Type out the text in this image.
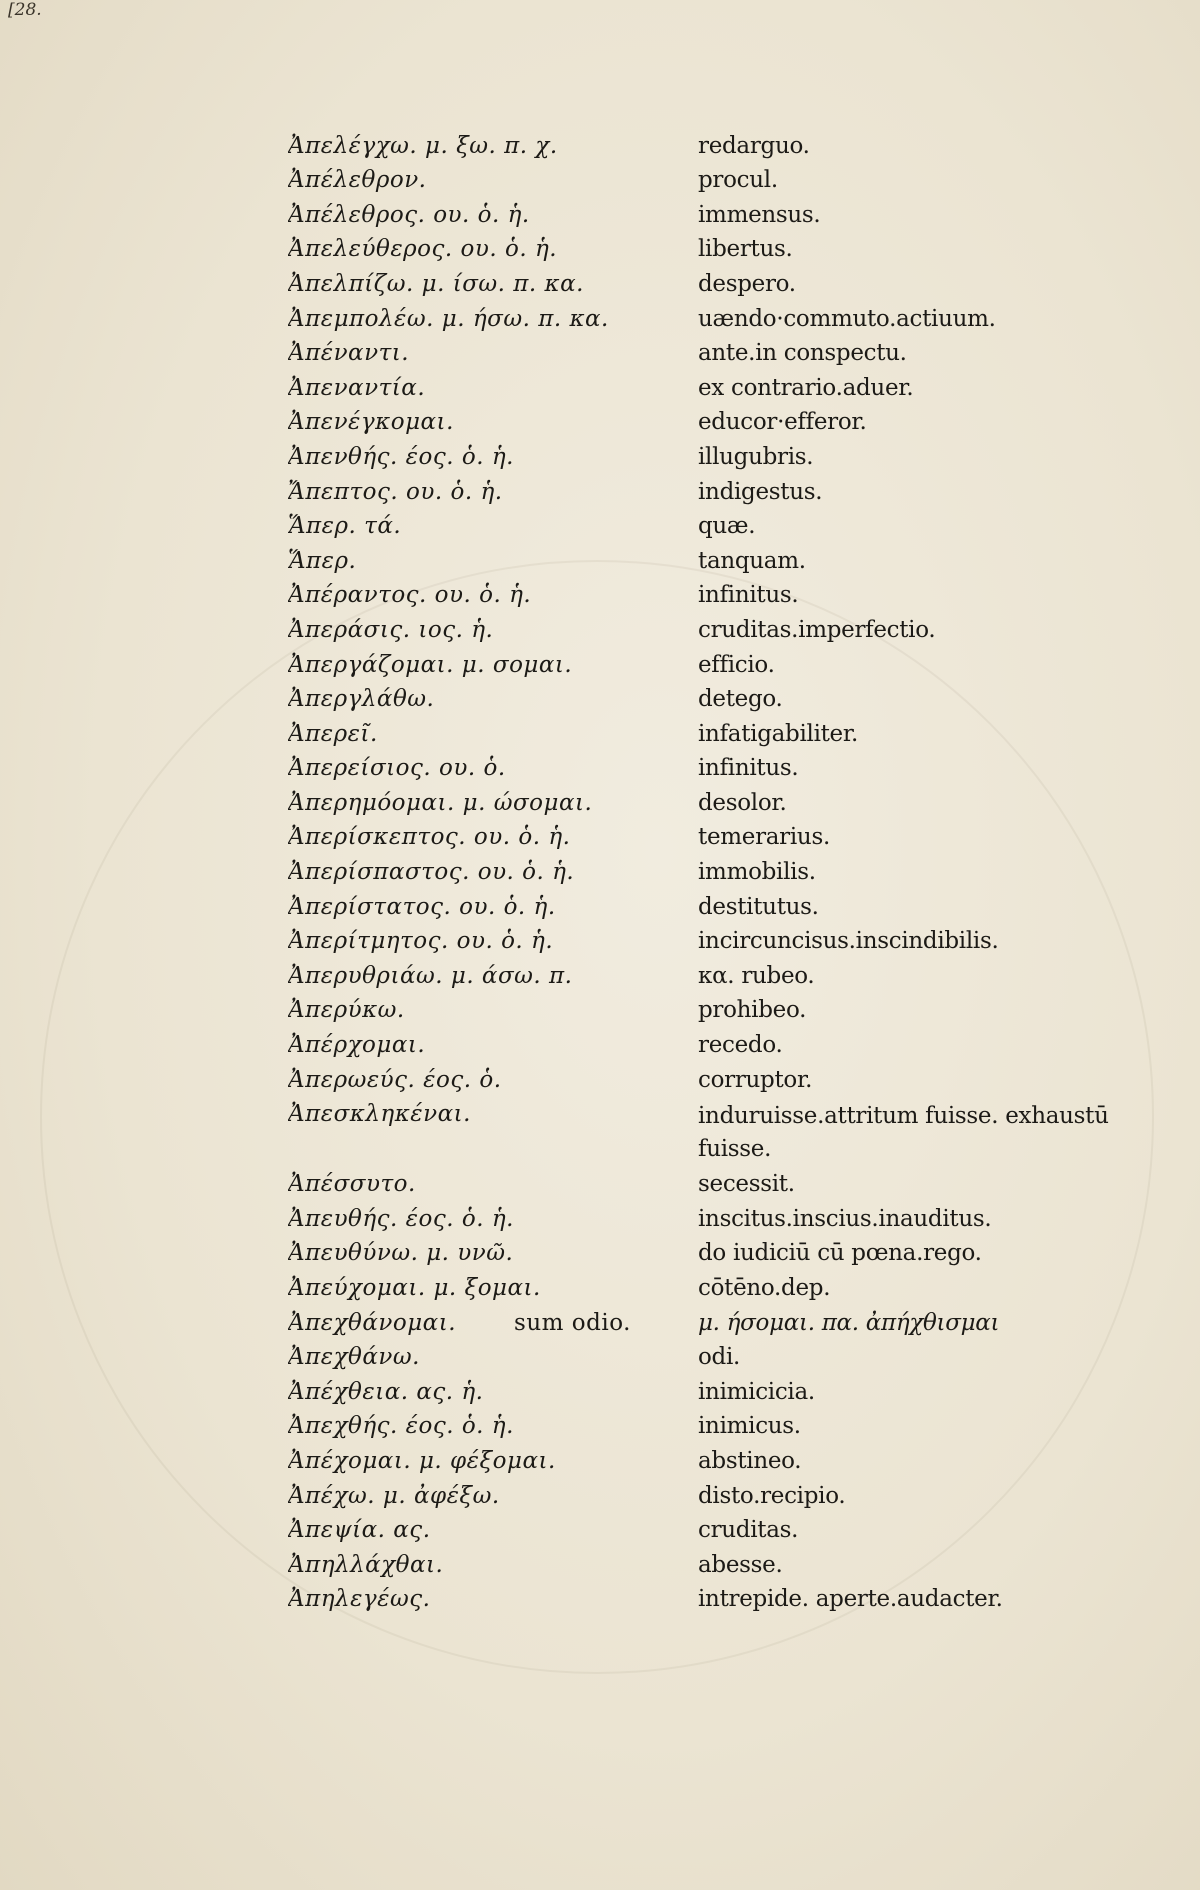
[28.
Ἀπελέγχω. μ. ξω. π. χ.	redarguo.
Ἀπέλεθρον.	procul.
Ἀπέλεθρος. ου. ὁ. ἡ.	immensus.
Ἀπελεύθερος. ου. ὁ. ἡ.	libertus.
Ἀπελπίζω. μ. ίσω. π. κα.	despero.
Ἀπεμπολέω. μ. ήσω. π. κα.	uændo·commuto.actiuum.
Ἀπέναντι.	ante.in conspectu.
Ἀπεναντία.	ex contrario.aduer.
Ἀπενέγκομαι.	educor·efferor.
Ἀπενθής. έος. ὁ. ἡ.	illugubris.
Ἄπεπτος. ου. ὁ. ἡ.	indigestus.
Ἅπερ. τά.	quæ.
Ἅπερ.	tanquam.
Ἀπέραντος. ου. ὁ. ἡ.	infinitus.
Ἀπεράσις. ιος. ἡ.	cruditas.imperfectio.
Ἀπεργάζομαι. μ. σομαι.	efficio.
Ἀπεργλάθω.	detego.
Ἀπερεῖ.	infatigabiliter.
Ἀπερείσιος. ου. ὁ.	infinitus.
Ἀπερημόομαι. μ. ώσομαι.	desolor.
Ἀπερίσκεπτος. ου. ὁ. ἡ.	temerarius.
Ἀπερίσπαστος. ου. ὁ. ἡ.	immobilis.
Ἀπερίστατος. ου. ὁ. ἡ.	destitutus.
Ἀπερίτμητος. ου. ὁ. ἡ.	incircuncisus.inscindibilis.
Ἀπερυθριάω. μ. άσω. π.	κα. rubeo.
Ἀπερύκω.	prohibeo.
Ἀπέρχομαι.	recedo.
Ἀπερωεύς. έος. ὁ.	corruptor.
Ἀπεσκληκέναι.	induruisse.attritum fuisse. exhaustū fuisse.
Ἀπέσσυτο.	secessit.
Ἀπευθής. έος. ὁ. ἡ.	inscitus.inscius.inauditus.
Ἀπευθύνω. μ. υνῶ.	do iudiciū cū pœna.rego.
Ἀπεύχομαι. μ. ξομαι.	cōtēno.dep.
Ἀπεχθάνομαι.	sum odio.	μ. ήσομαι. πα. ἀπήχθισμαι
Ἀπεχθάνω.	odi.
Ἀπέχθεια. ας. ἡ.	inimicicia.
Ἀπεχθής. έος. ὁ. ἡ.	inimicus.
Ἀπέχομαι. μ. φέξομαι.	abstineo.
Ἀπέχω. μ. ἀφέξω.	disto.recipio.
Ἀπεψία. ας.	cruditas.
Ἀπηλλάχθαι.	abesse.
Ἀπηλεγέως.	intrepide. aperte.audacter.
